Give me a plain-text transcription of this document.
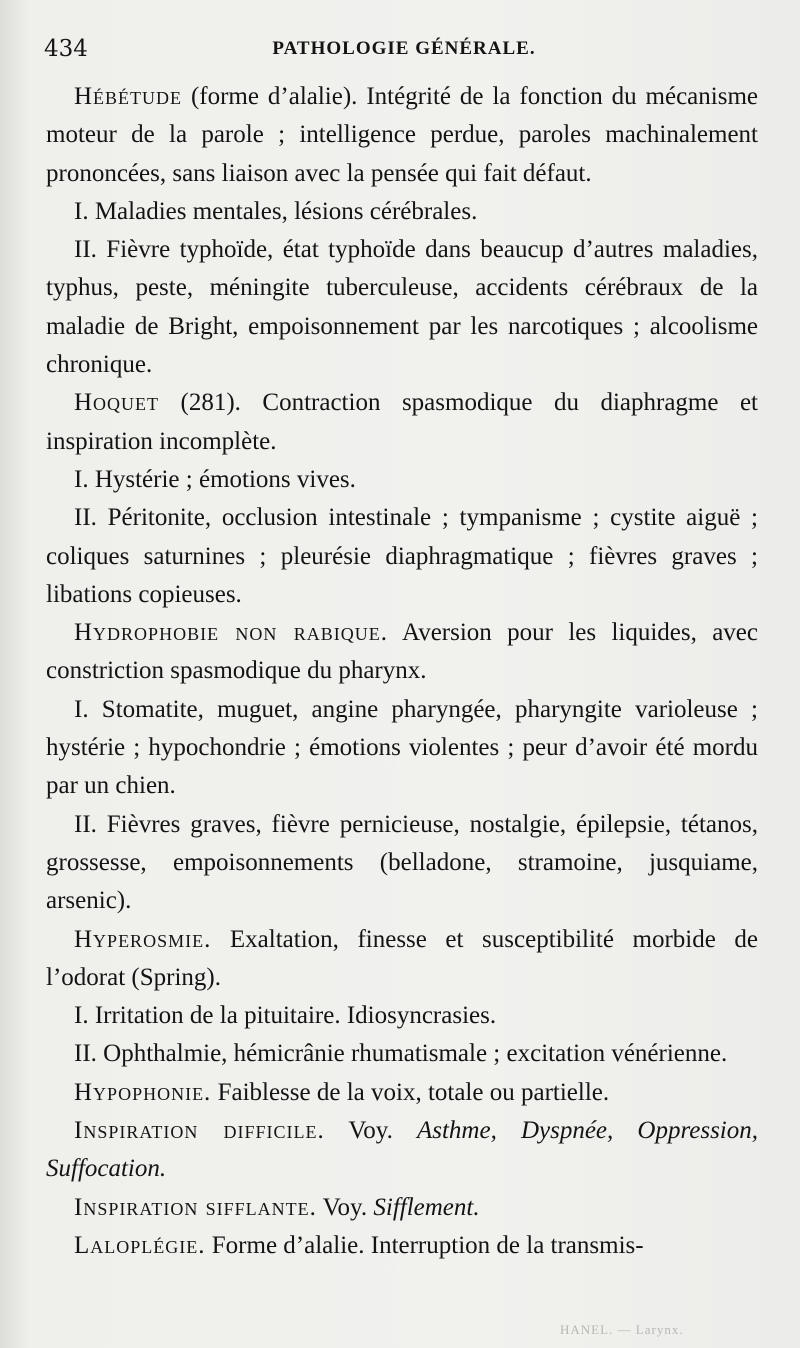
434	PATHOLOGIE GÉNÉRALE.

Hébétude (forme d’alalie). Intégrité de la fonction du mécanisme moteur de la parole ; intelligence perdue, paroles machinalement prononcées, sans liaison avec la pensée qui fait défaut.

I. Maladies mentales, lésions cérébrales.

II. Fièvre typhoïde, état typhoïde dans beaucup d’autres maladies, typhus, peste, méningite tuberculeuse, accidents cérébraux de la maladie de Bright, empoisonnement par les narcotiques ; alcoolisme chronique.

Hoquet (281). Contraction spasmodique du diaphragme et inspiration incomplète.

I. Hystérie ; émotions vives.

II. Péritonite, occlusion intestinale ; tympanisme ; cystite aiguë ; coliques saturnines ; pleurésie diaphragmatique ; fièvres graves ; libations copieuses.

Hydrophobie non rabique. Aversion pour les liquides, avec constriction spasmodique du pharynx.

I. Stomatite, muguet, angine pharyngée, pharyngite varioleuse ; hystérie ; hypochondrie ; émotions violentes ; peur d’avoir été mordu par un chien.

II. Fièvres graves, fièvre pernicieuse, nostalgie, épilepsie, tétanos, grossesse, empoisonnements (belladone, stramoine, jusquiame, arsenic).

Hyperosmie. Exaltation, finesse et susceptibilité morbide de l’odorat (Spring).

I. Irritation de la pituitaire. Idiosyncrasies.

II. Ophthalmie, hémicrânie rhumatismale ; excitation vénérienne.

Hypophonie. Faiblesse de la voix, totale ou partielle.

Inspiration difficile. Voy. Asthme, Dyspnée, Oppression, Suffocation.

Inspiration sifflante. Voy. Sifflement.

Laloplégie. Forme d’alalie. Interruption de la transmis-

HANEL. — Larynx.
